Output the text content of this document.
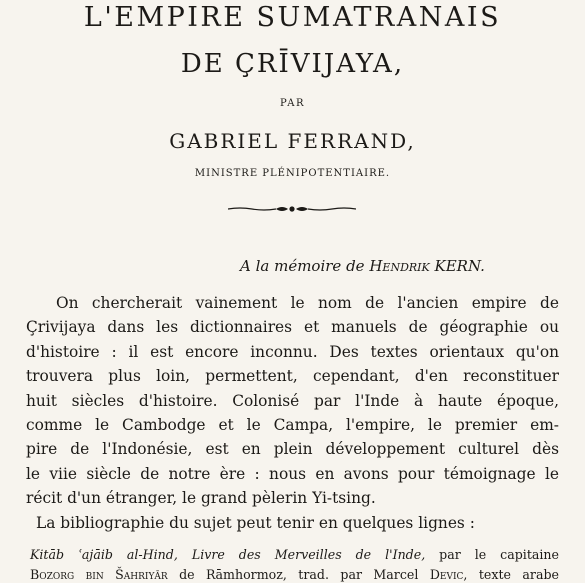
L'EMPIRE SUMATRANAIS
DE ÇRĪVIJAYA,
PAR
GABRIEL FERRAND,
MINISTRE PLÉNIPOTENTIAIRE.
A la mémoire de Hendrik KERN.
On chercherait vainement le nom de l'ancien empire de
Çrivijaya dans les dictionnaires et manuels de géographie ou
d'histoire : il est encore inconnu. Des textes orientaux qu'on
trouvera plus loin, permettent, cependant, d'en reconstituer
huit siècles d'histoire. Colonisé par l'Inde à haute époque,
comme le Cambodge et le Campa, l'empire, le premier em-
pire de l'Indonésie, est en plein développement culturel dès
le viie siècle de notre ère : nous en avons pour témoignage le
récit d'un étranger, le grand pèlerin Yi-tsing.
La bibliographie du sujet peut tenir en quelques lignes :
Kitāb ʿajāib al-Hind, Livre des Merveilles de l'Inde, par le capitaine
Bozorg bin Šahriyār de Rāmhormoz, trad. par Marcel Devic, texte arabe
